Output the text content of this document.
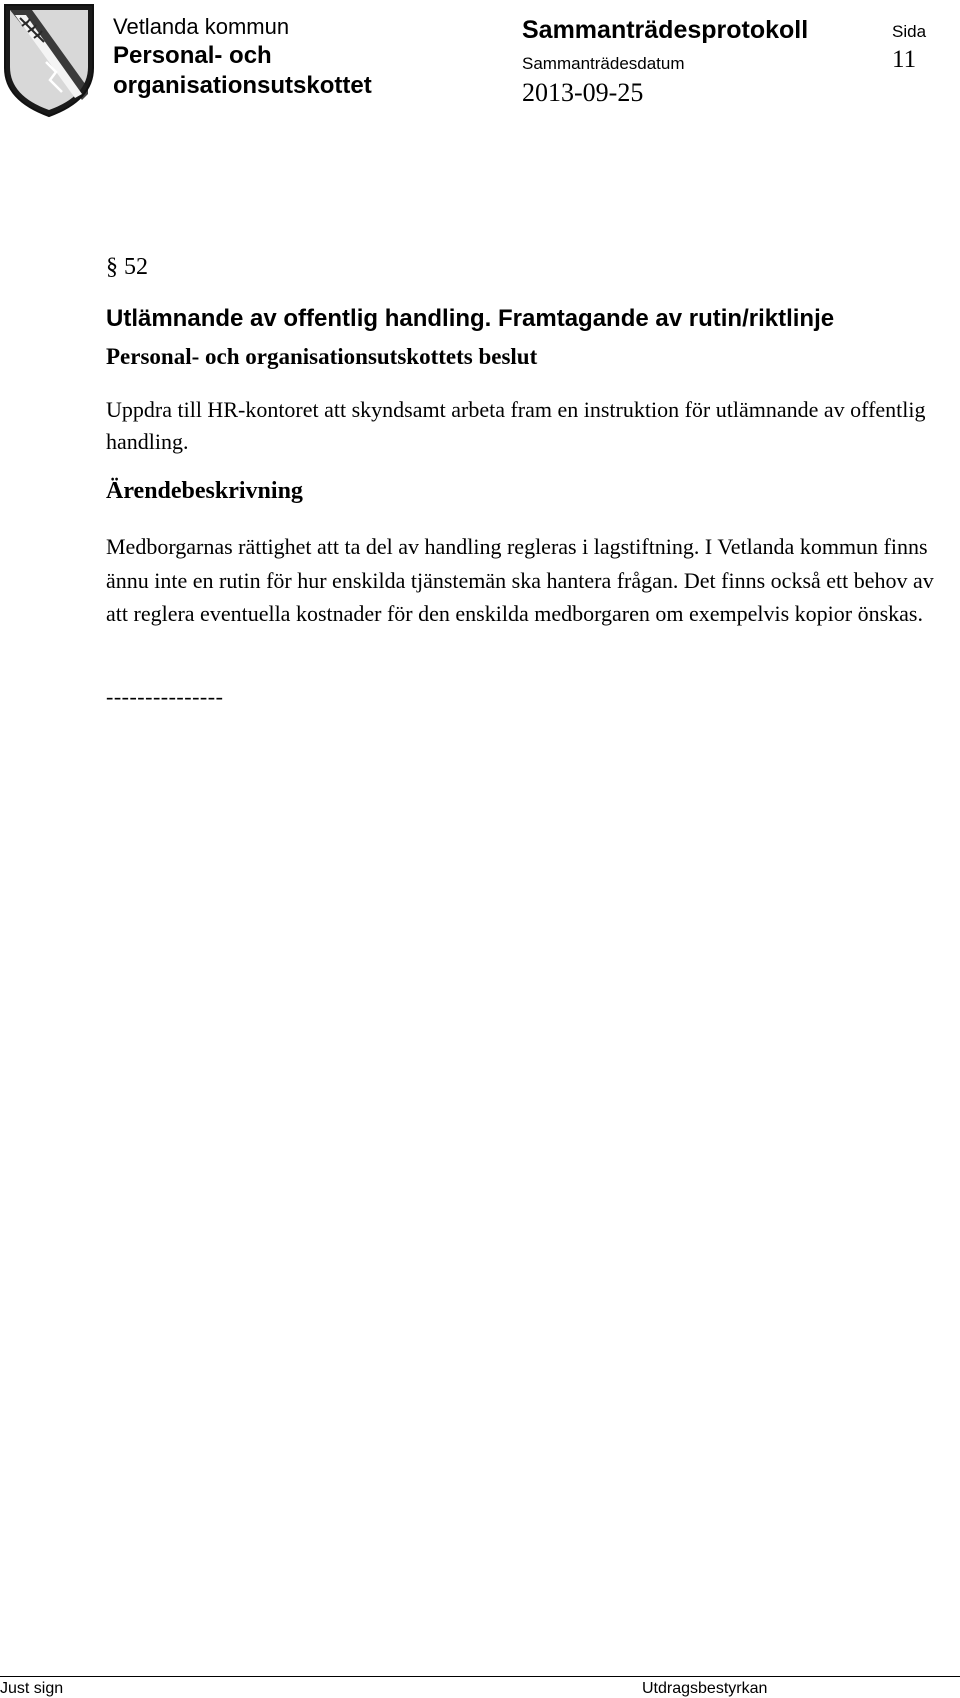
Vetlanda kommun
Personal- och
organisationsutskottet
Sammanträdesprotokoll
Sammanträdesdatum
2013-09-25
Sida
11

§ 52

Utlämnande av offentlig handling. Framtagande av rutin/riktlinje
Personal- och organisationsutskottets beslut

Uppdra till HR-kontoret att skyndsamt arbeta fram en instruktion för utlämnande av offentlig handling.

Ärendebeskrivning

Medborgarnas rättighet att ta del av handling regleras i lagstiftning. I Vetlanda kommun finns ännu inte en rutin för hur enskilda tjänstemän ska hantera frågan. Det finns också ett behov av att reglera eventuella kostnader för den enskilda medborgaren om exempelvis kopior önskas.

---------------

Just sign	Utdragsbestyrkan
